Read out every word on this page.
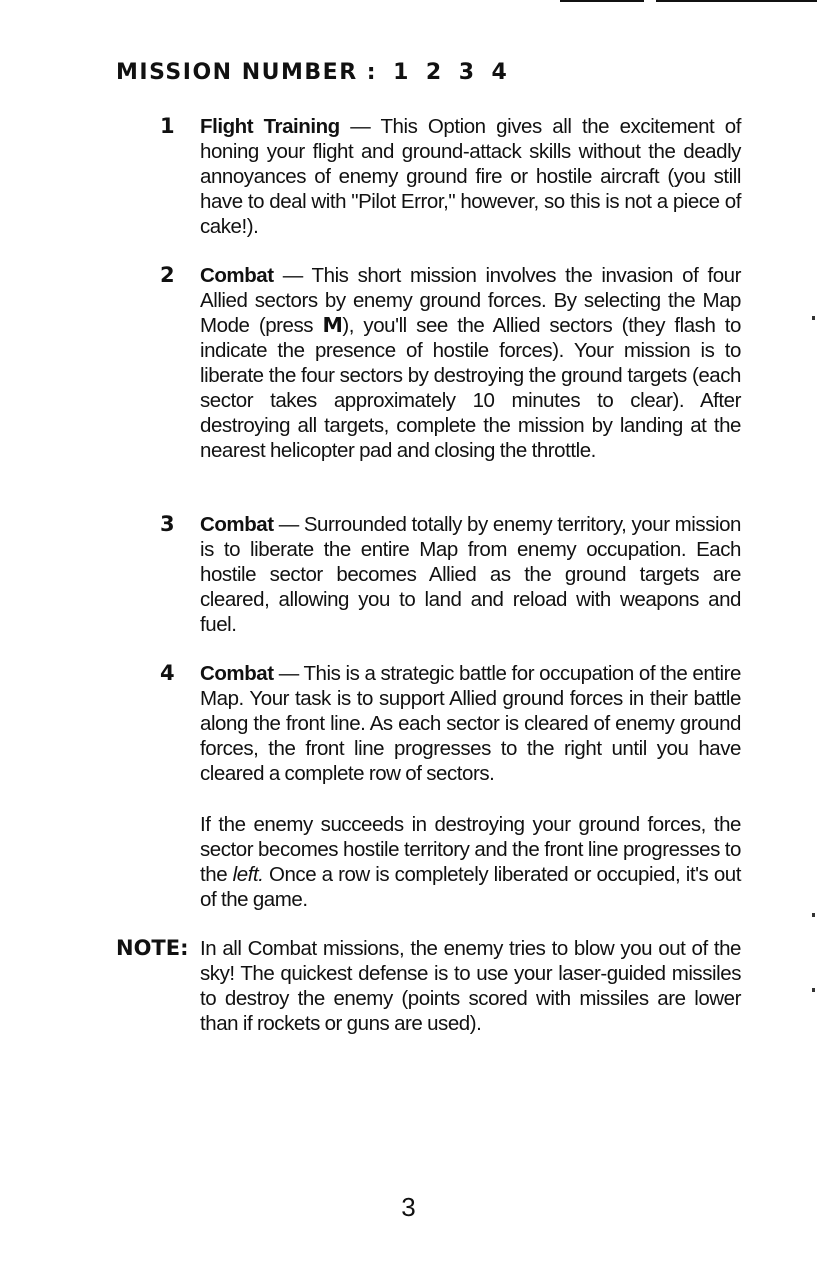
MISSION NUMBER : 1 2 3 4
1 Flight Training — This Option gives all the excitement of honing your flight and ground-attack skills without the deadly annoyances of enemy ground fire or hostile aircraft (you still have to deal with "Pilot Error," however, so this is not a piece of cake!).
2 Combat — This short mission involves the invasion of four Allied sectors by enemy ground forces. By selecting the Map Mode (press M), you'll see the Allied sectors (they flash to indicate the presence of hostile forces). Your mission is to liberate the four sectors by destroying the ground targets (each sector takes approximately 10 minutes to clear). After destroying all targets, complete the mission by landing at the nearest helicopter pad and closing the throttle.
3 Combat — Surrounded totally by enemy territory, your mission is to liberate the entire Map from enemy occupation. Each hostile sector becomes Allied as the ground targets are cleared, allowing you to land and reload with weapons and fuel.
4 Combat — This is a strategic battle for occupation of the entire Map. Your task is to support Allied ground forces in their battle along the front line. As each sector is cleared of enemy ground forces, the front line progresses to the right until you have cleared a complete row of sectors.
If the enemy succeeds in destroying your ground forces, the sector becomes hostile territory and the front line progresses to the left. Once a row is completely liberated or occupied, it's out of the game.
NOTE: In all Combat missions, the enemy tries to blow you out of the sky! The quickest defense is to use your laser-guided missiles to destroy the enemy (points scored with missiles are lower than if rockets or guns are used).
3
